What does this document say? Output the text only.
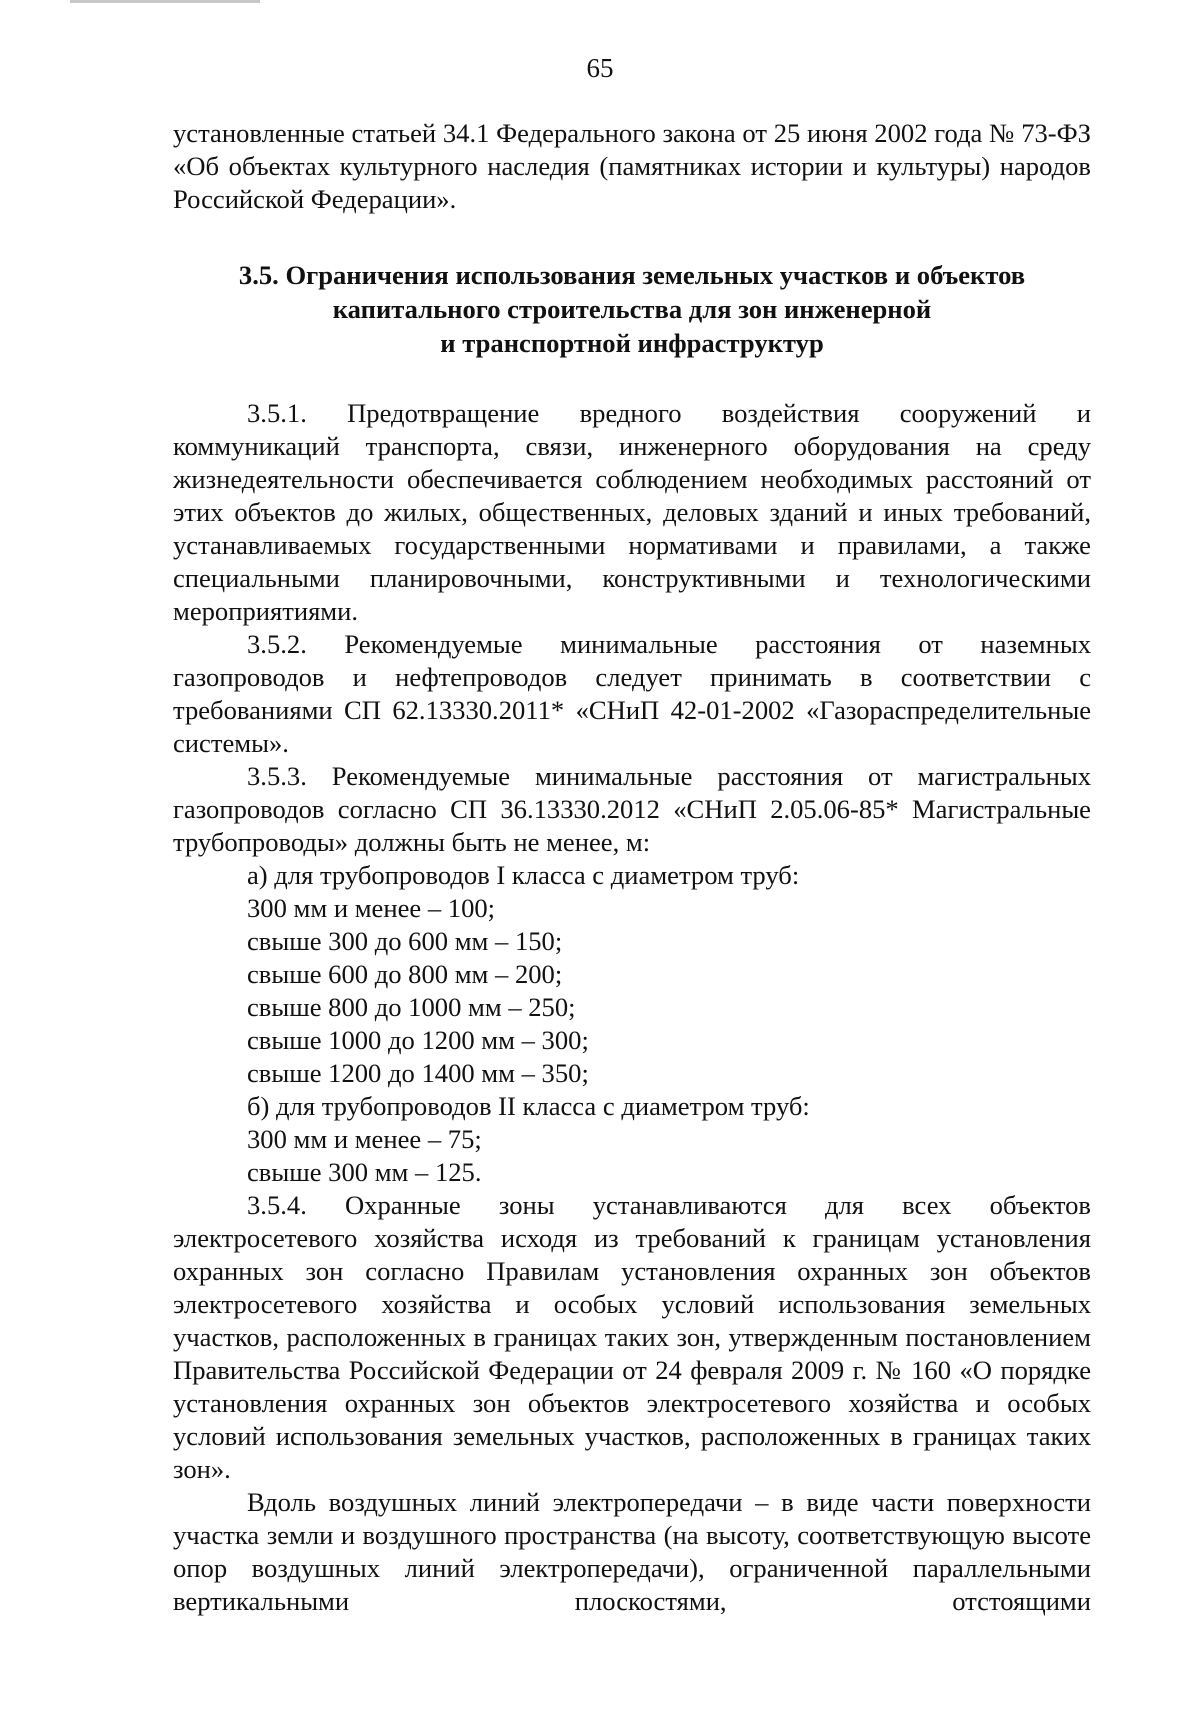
65

установленные статьей 34.1 Федерального закона от 25 июня 2002 года № 73-ФЗ «Об объектах культурного наследия (памятниках истории и культуры) народов Российской Федерации».

3.5. Ограничения использования земельных участков и объектов
капитального строительства для зон инженерной
и транспортной инфраструктур

3.5.1. Предотвращение вредного воздействия сооружений и коммуникаций транспорта, связи, инженерного оборудования на среду жизнедеятельности обеспечивается соблюдением необходимых расстояний от этих объектов до жилых, общественных, деловых зданий и иных требований, устанавливаемых государственными нормативами и правилами, а также специальными планировочными, конструктивными и технологическими мероприятиями.

3.5.2. Рекомендуемые минимальные расстояния от наземных газопроводов и нефтепроводов следует принимать в соответствии с требованиями СП 62.13330.2011* «СНиП 42-01-2002 «Газораспределительные системы».

3.5.3. Рекомендуемые минимальные расстояния от магистральных газопроводов согласно СП 36.13330.2012 «СНиП 2.05.06-85* Магистральные трубопроводы» должны быть не менее, м:

а) для трубопроводов I класса с диаметром труб:

300 мм и менее – 100;

свыше 300 до 600 мм – 150;

свыше 600 до 800 мм – 200;

свыше 800 до 1000 мм – 250;

свыше 1000 до 1200 мм – 300;

свыше 1200 до 1400 мм – 350;

б) для трубопроводов II класса с диаметром труб:

300 мм и менее – 75;

свыше 300 мм – 125.

3.5.4. Охранные зоны устанавливаются для всех объектов электросетевого хозяйства исходя из требований к границам установления охранных зон согласно Правилам установления охранных зон объектов электросетевого хозяйства и особых условий использования земельных участков, расположенных в границах таких зон, утвержденным постановлением Правительства Российской Федерации от 24 февраля 2009 г. № 160 «О порядке установления охранных зон объектов электросетевого хозяйства и особых условий использования земельных участков, расположенных в границах таких зон».

Вдоль воздушных линий электропередачи – в виде части поверхности участка земли и воздушного пространства (на высоту, соответствующую высоте опор воздушных линий электропередачи), ограниченной параллельными вертикальными плоскостями, отстоящими
